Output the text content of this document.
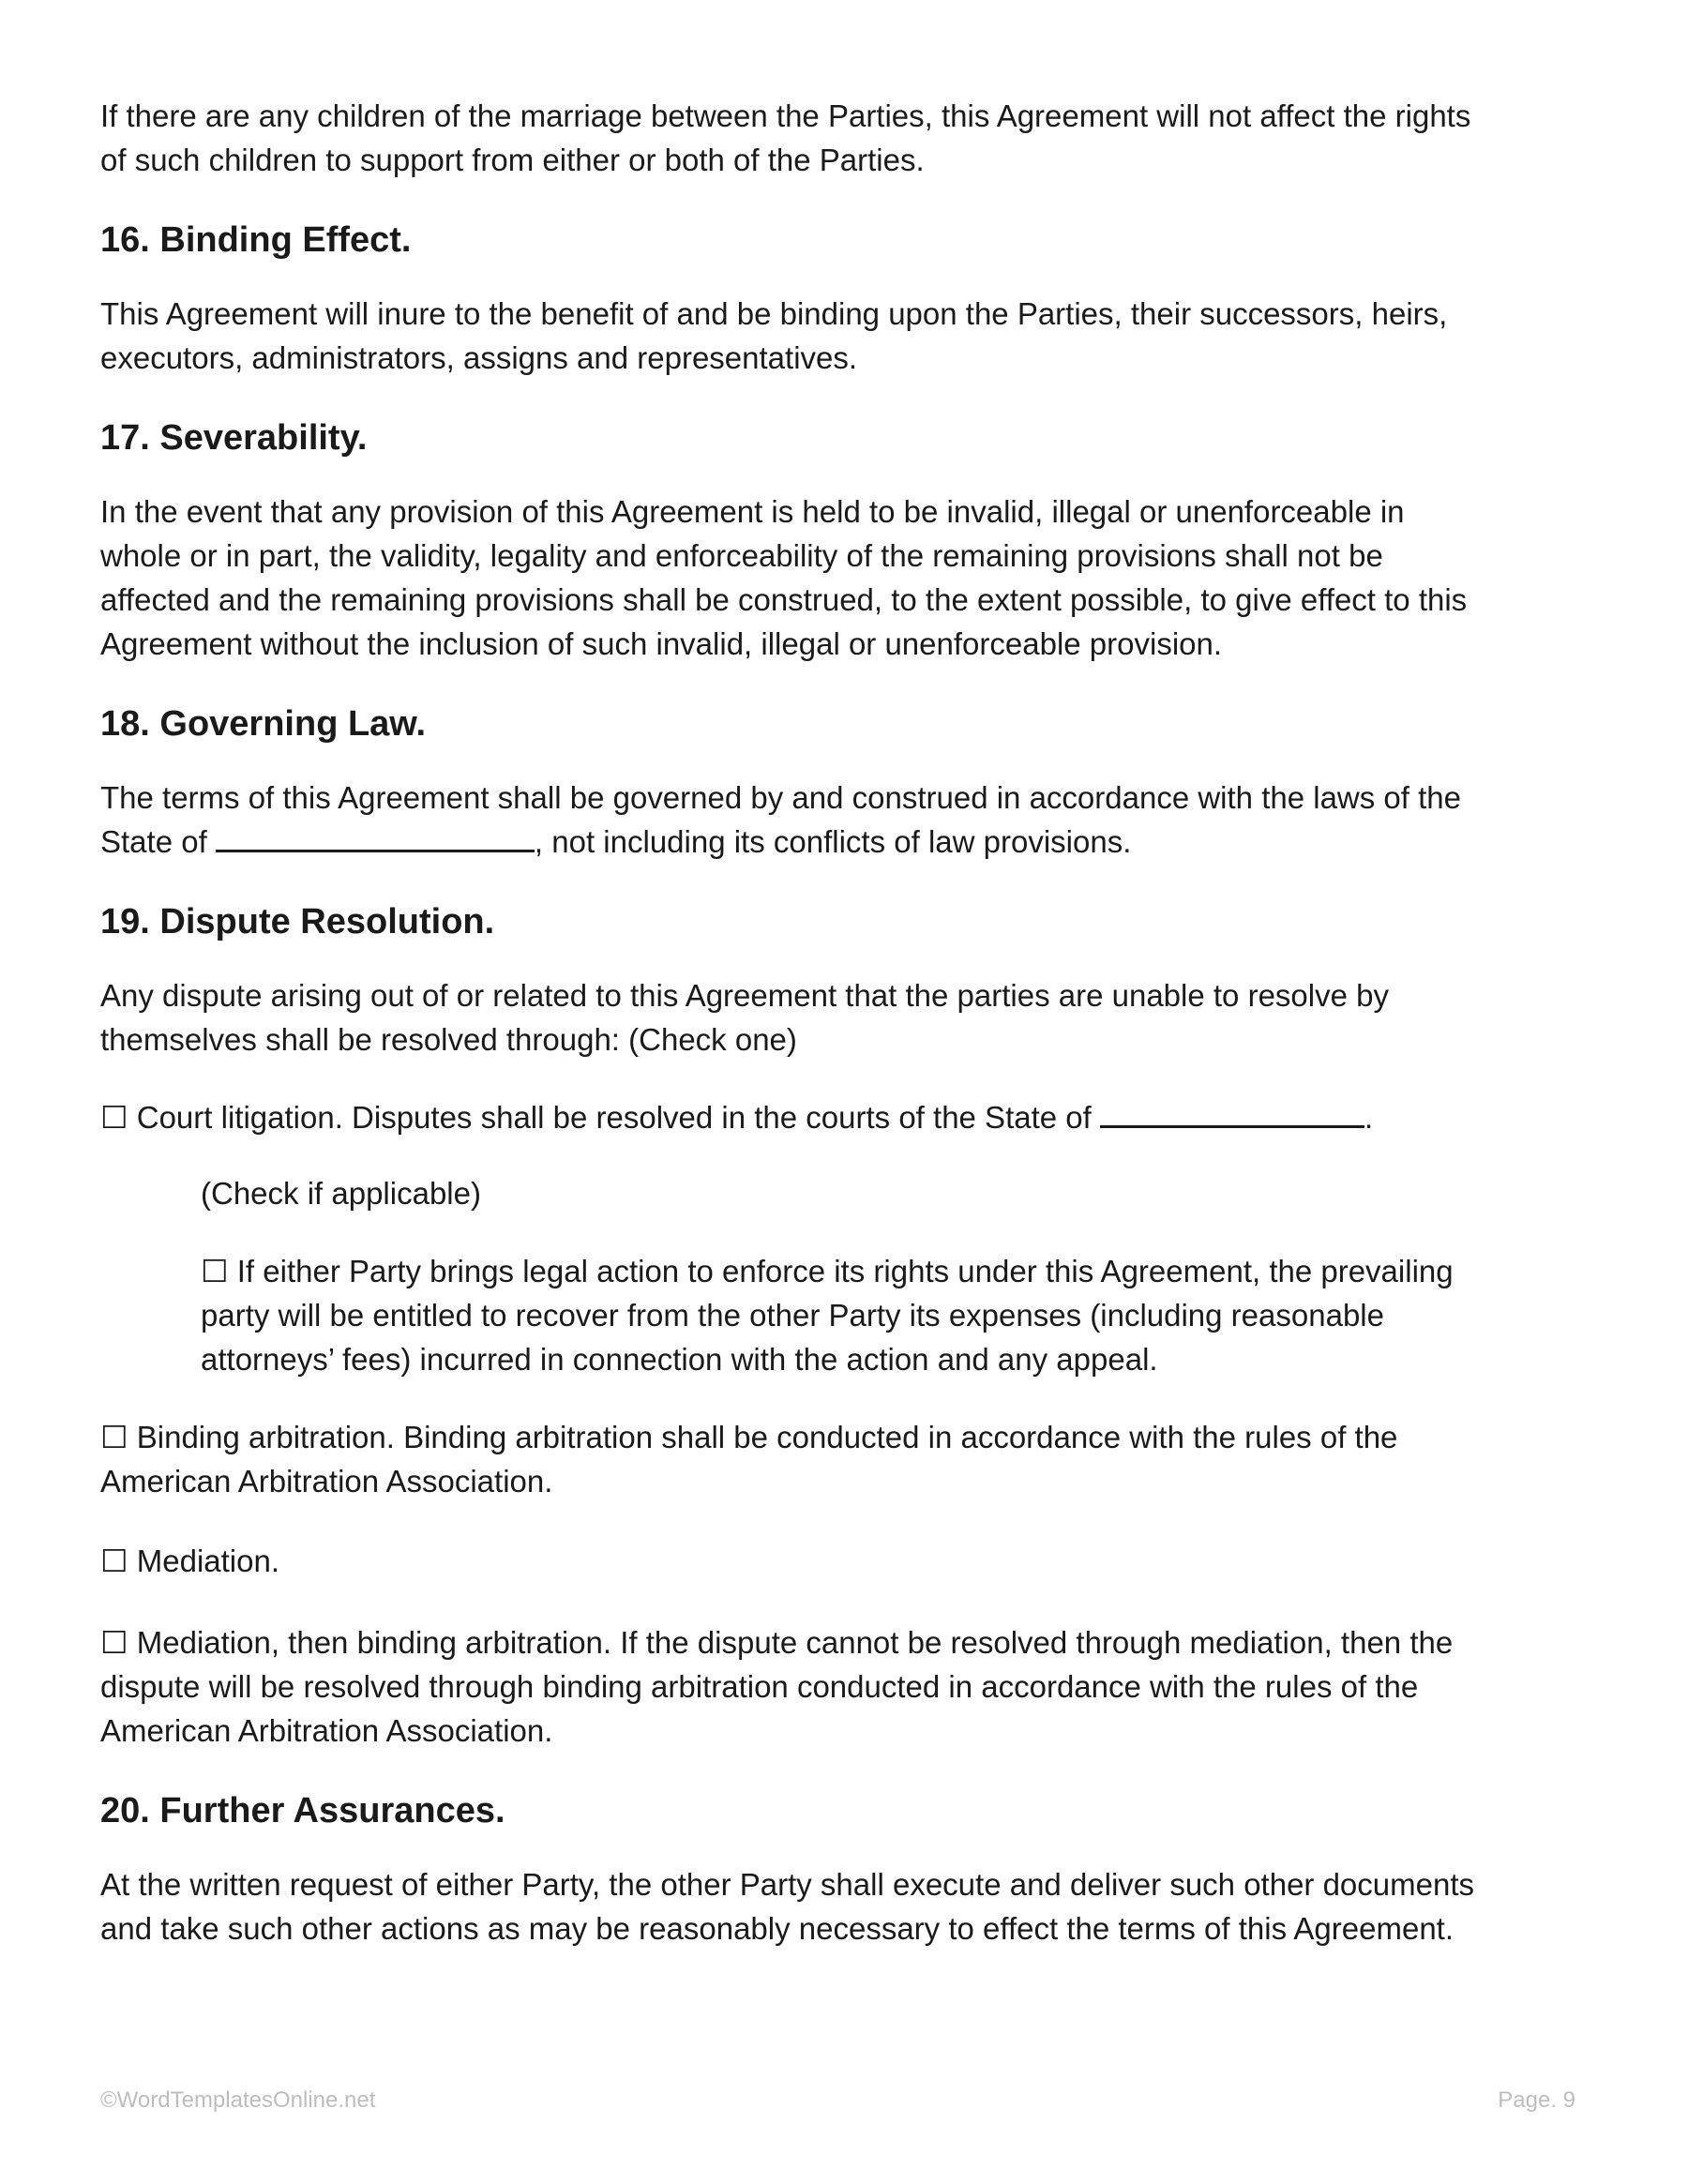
If there are any children of the marriage between the Parties, this Agreement will not affect the rights

of such children to support from either or both of the Parties.

16. Binding Effect.

This Agreement will inure to the benefit of and be binding upon the Parties, their successors, heirs,

executors, administrators, assigns and representatives.

17. Severability.

In the event that any provision of this Agreement is held to be invalid, illegal or unenforceable in

whole or in part, the validity, legality and enforceability of the remaining provisions shall not be

affected and the remaining provisions shall be construed, to the extent possible, to give effect to this

Agreement without the inclusion of such invalid, illegal or unenforceable provision.

18. Governing Law.

The terms of this Agreement shall be governed by and construed in accordance with the laws of the

State of	, not including its conflicts of law provisions.

19. Dispute Resolution.

Any dispute arising out of or related to this Agreement that the parties are unable to resolve by

themselves shall be resolved through: (Check one)

☐ Court litigation. Disputes shall be resolved in the courts of the State of	.

(Check if applicable)

☐ If either Party brings legal action to enforce its rights under this Agreement, the prevailing

party will be entitled to recover from the other Party its expenses (including reasonable

attorneys’ fees) incurred in connection with the action and any appeal.

☐ Binding arbitration. Binding arbitration shall be conducted in accordance with the rules of the

American Arbitration Association.

☐ Mediation.

☐ Mediation, then binding arbitration. If the dispute cannot be resolved through mediation, then the

dispute will be resolved through binding arbitration conducted in accordance with the rules of the

American Arbitration Association.

20. Further Assurances.

At the written request of either Party, the other Party shall execute and deliver such other documents

and take such other actions as may be reasonably necessary to effect the terms of this Agreement.

©WordTemplatesOnline.net	Page. 9
